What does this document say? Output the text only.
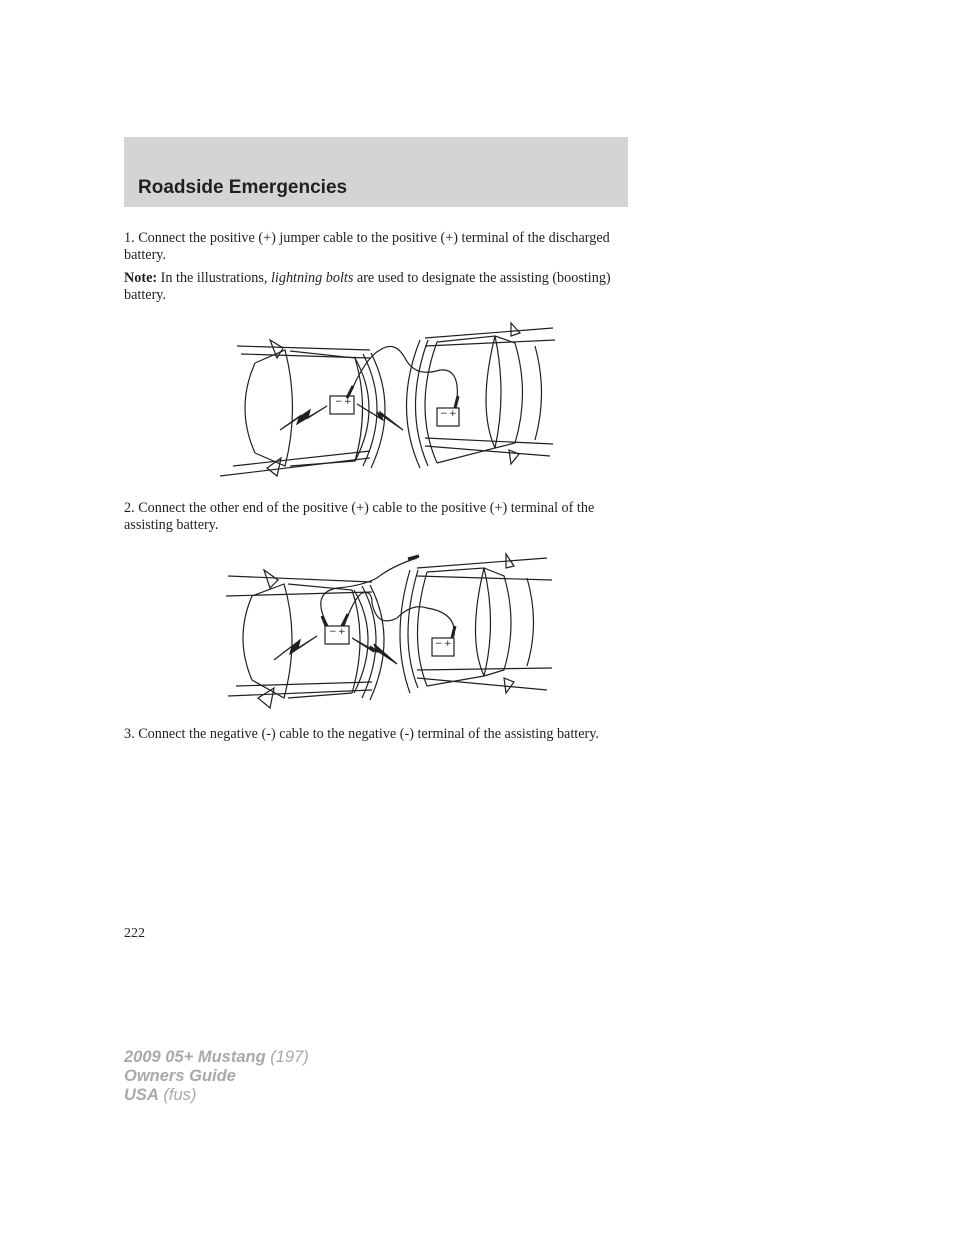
Roadside Emergencies

1. Connect the positive (+) jumper cable to the positive (+) terminal of the discharged battery.

Note: In the illustrations, lightning bolts are used to designate the assisting (boosting) battery.

− +
− +

2. Connect the other end of the positive (+) cable to the positive (+) terminal of the assisting battery.

− +
− +

3. Connect the negative (-) cable to the negative (-) terminal of the assisting battery.

222
2009 05+ Mustang (197)
Owners Guide
USA (fus)
